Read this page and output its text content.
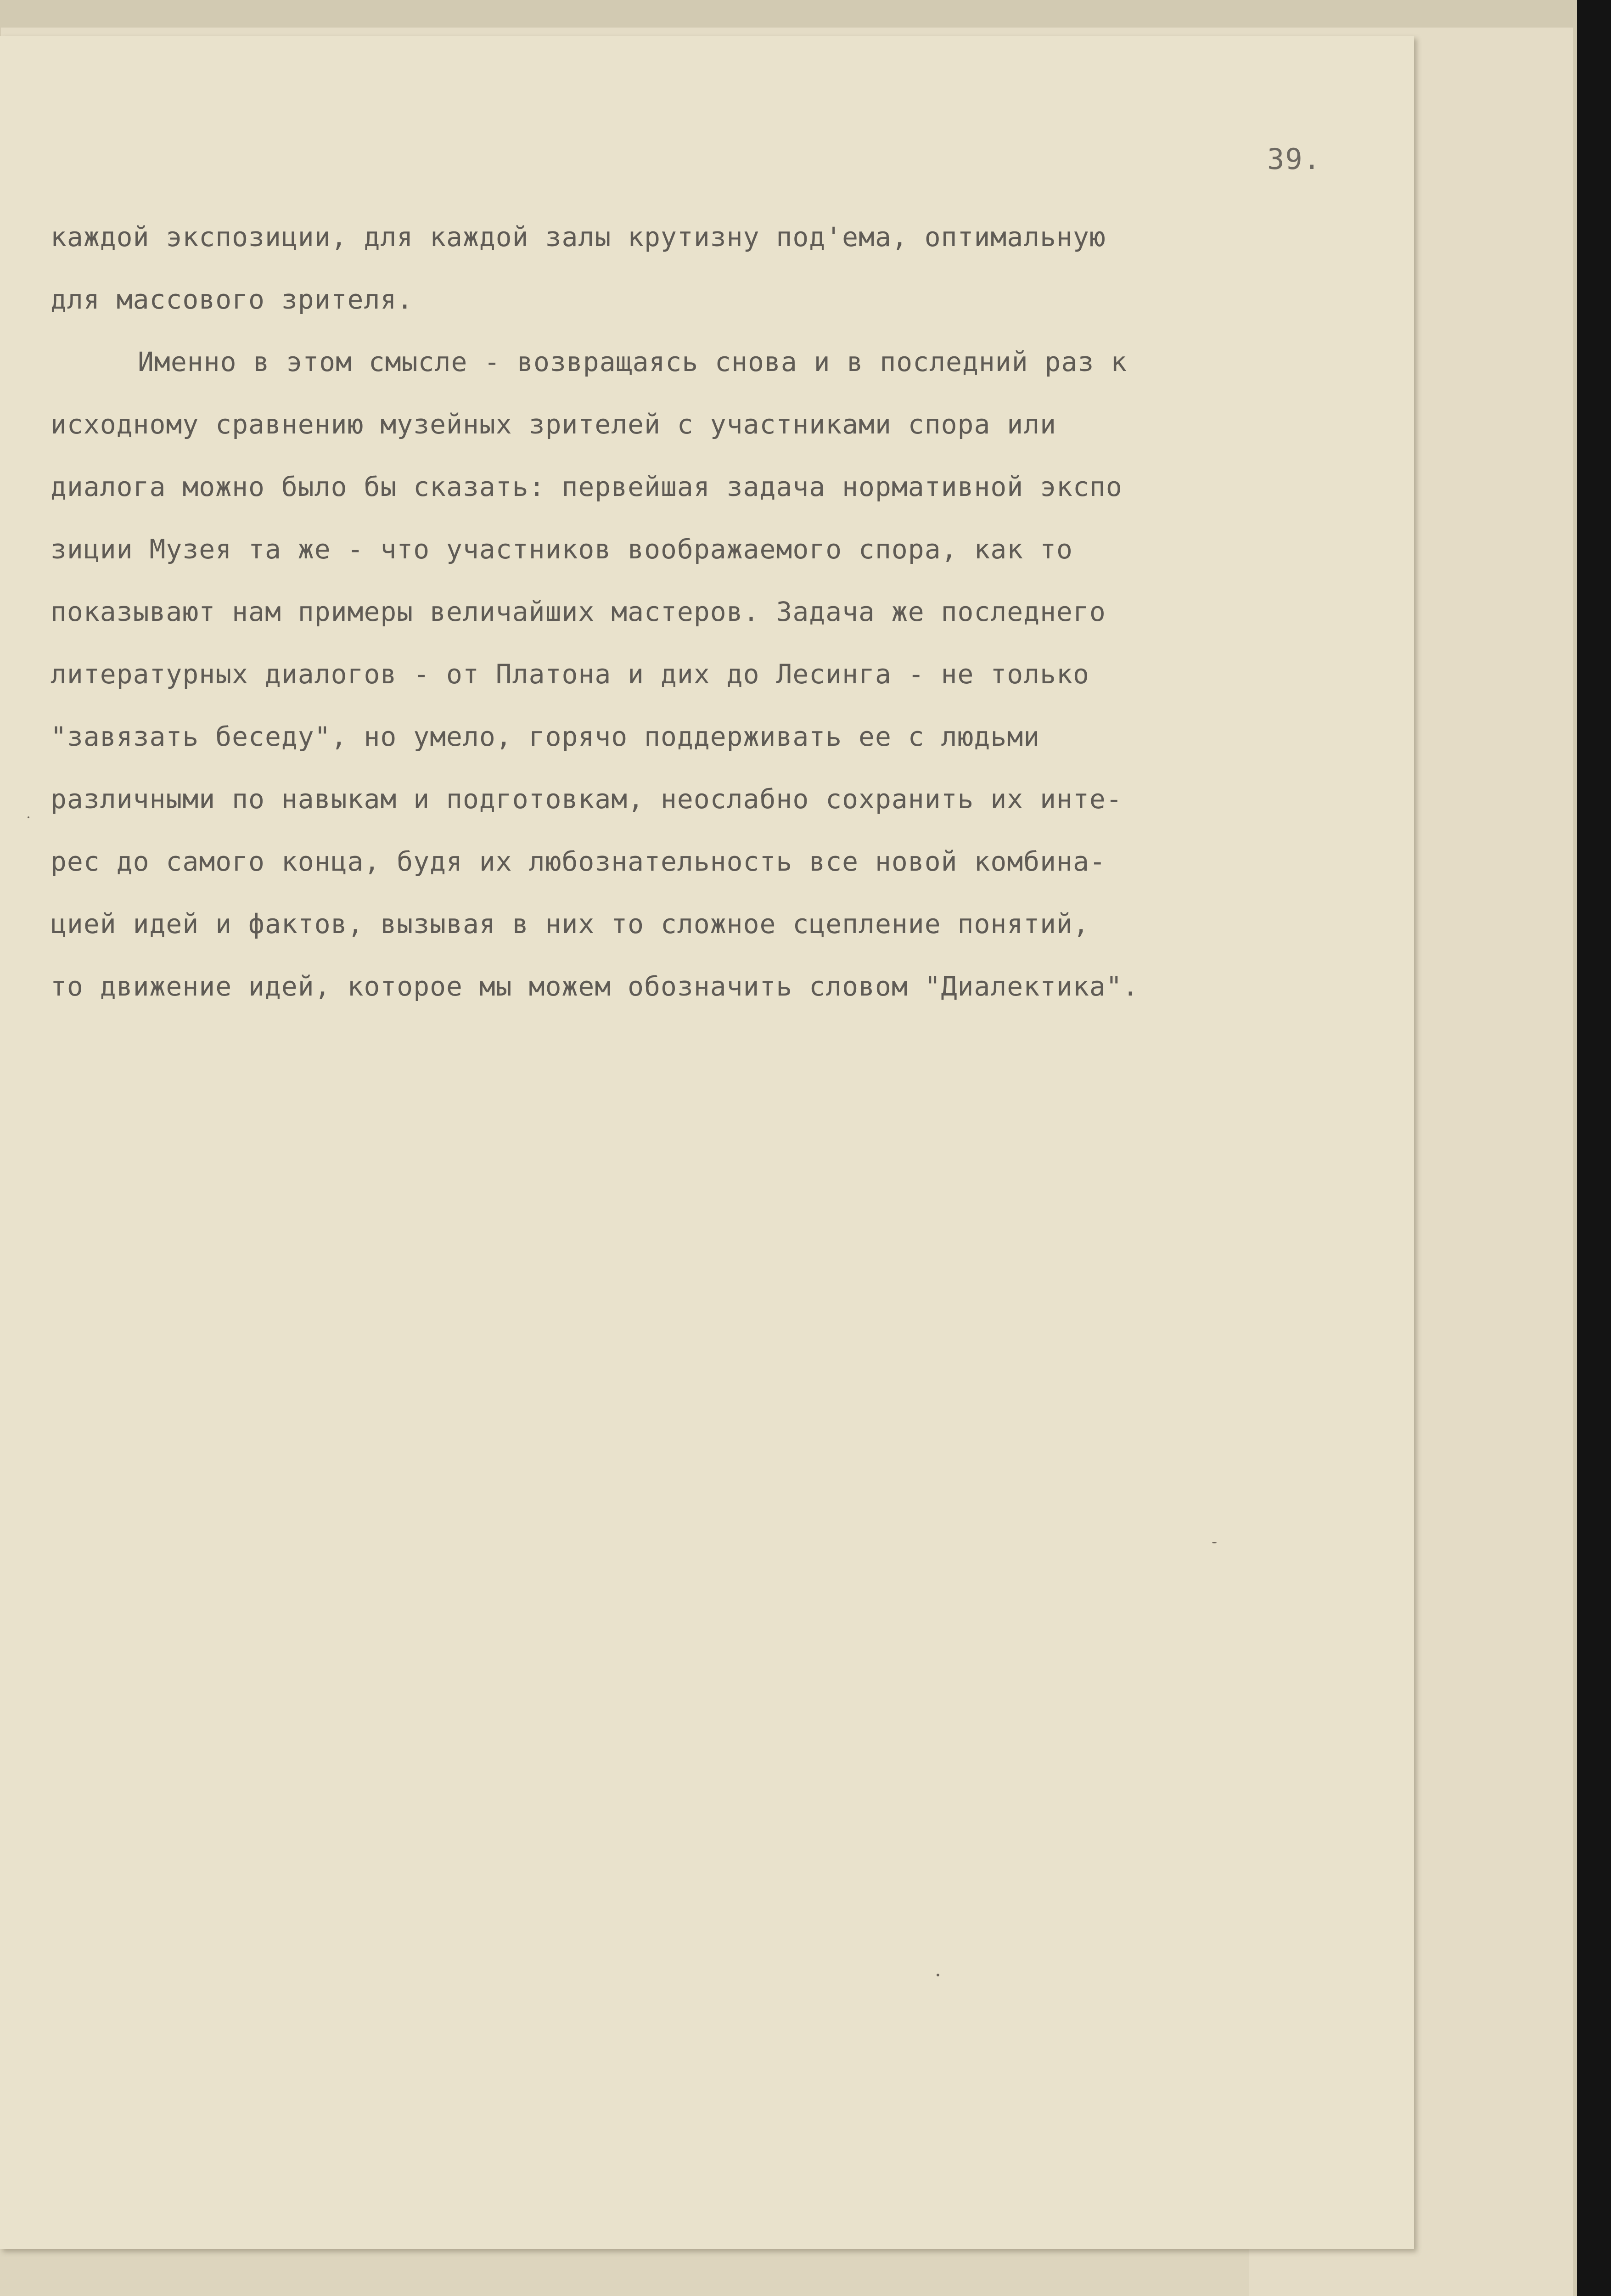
39.
каждой экспозиции, для каждой залы крутизну под'ема, оптимальную
для массового зрителя.
Именно в этом смысле - возвращаясь снова и в последний раз к
исходному сравнению музейных зрителей с участниками спора или
диалога можно было бы сказать: первейшая задача нормативной экспо
зиции Музея та же - что участников воображаемого спора, как то
показывают нам примеры величайших мастеров. Задача же последнего
литературных диалогов - от Платона и дих до Лесинга - не только
"завязать беседу", но умело, горячо поддерживать ее с людьми
различными по навыкам и подготовкам, неослабно сохранить их инте-
рес до самого конца, будя их любознательность все новой комбина-
цией идей и фактов, вызывая в них то сложное сцепление понятий,
то движение идей, которое мы можем обозначить словом "Диалектика".
